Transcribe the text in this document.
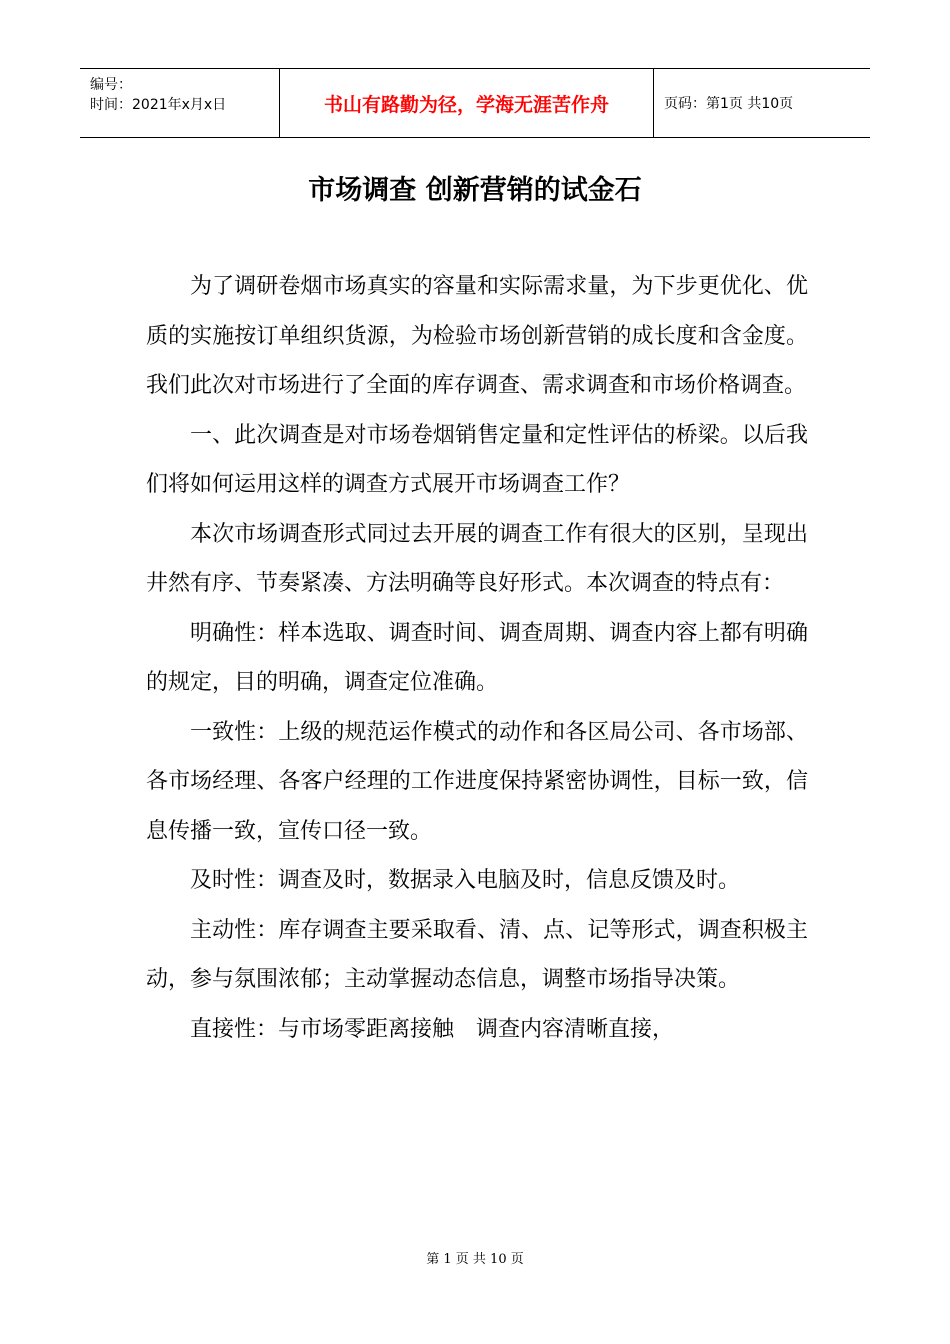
编号：
时间：2021年x月x日	书山有路勤为径，学海无涯苦作舟	页码：第1页 共10页
市场调查 创新营销的试金石

为了调研卷烟市场真实的容量和实际需求量，为下步更优化、优质的实施按订单组织货源，为检验市场创新营销的成长度和含金度。我们此次对市场进行了全面的库存调查、需求调查和市场价格调查。

一、此次调查是对市场卷烟销售定量和定性评估的桥梁。以后我们将如何运用这样的调查方式展开市场调查工作？

本次市场调查形式同过去开展的调查工作有很大的区别，呈现出井然有序、节奏紧凑、方法明确等良好形式。本次调查的特点有：

明确性：样本选取、调查时间、调查周期、调查内容上都有明确的规定，目的明确，调查定位准确。

一致性：上级的规范运作模式的动作和各区局公司、各市场部、各市场经理、各客户经理的工作进度保持紧密协调性，目标一致，信息传播一致，宣传口径一致。

及时性：调查及时，数据录入电脑及时，信息反馈及时。

主动性：库存调查主要采取看、清、点、记等形式，调查积极主动，参与氛围浓郁；主动掌握动态信息，调整市场指导决策。

直接性：与市场零距离接触　调查内容清晰直接，

第 1 页 共 10 页
